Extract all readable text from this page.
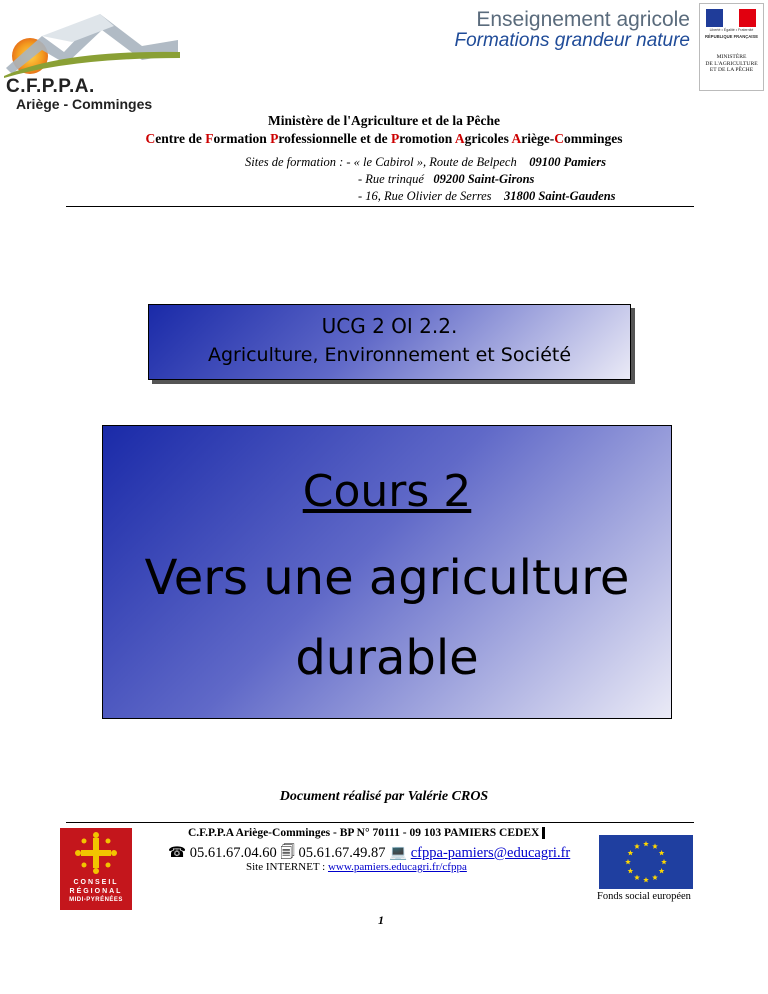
C.F.P.P.A.
Ariège - Comminges
Enseignement agricole
Formations grandeur nature	Liberté • Égalité • Fraternité
RÉPUBLIQUE FRANÇAISE
MINISTÈRE
DE L'AGRICULTURE
ET DE LA PÊCHE
Ministère de l'Agriculture et de la Pêche
Centre de Formation Professionnelle et de Promotion Agricoles Ariège-Comminges
Sites de formation : - « le Cabirol », Route de Belpech 09100 Pamiers
- Rue trinqué 09200 Saint-Girons
- 16, Rue Olivier de Serres 31800 Saint-Gaudens
UCG 2 OI 2.2.
Agriculture, Environnement et Société
Cours 2
Vers une agriculture
durable
Document réalisé par Valérie CROS
CONSEIL
RÉGIONAL
MIDI-PYRÉNÉES
C.F.P.P.A Ariège-Comminges - BP N° 70111 - 09 103 PAMIERS CEDEX
☎ 05.61.67.04.60 🗐 05.61.67.49.87 💻 cfppa-pamiers@educagri.fr
Site INTERNET : www.pamiers.educagri.fr/cfppa
Fonds social européen
1
